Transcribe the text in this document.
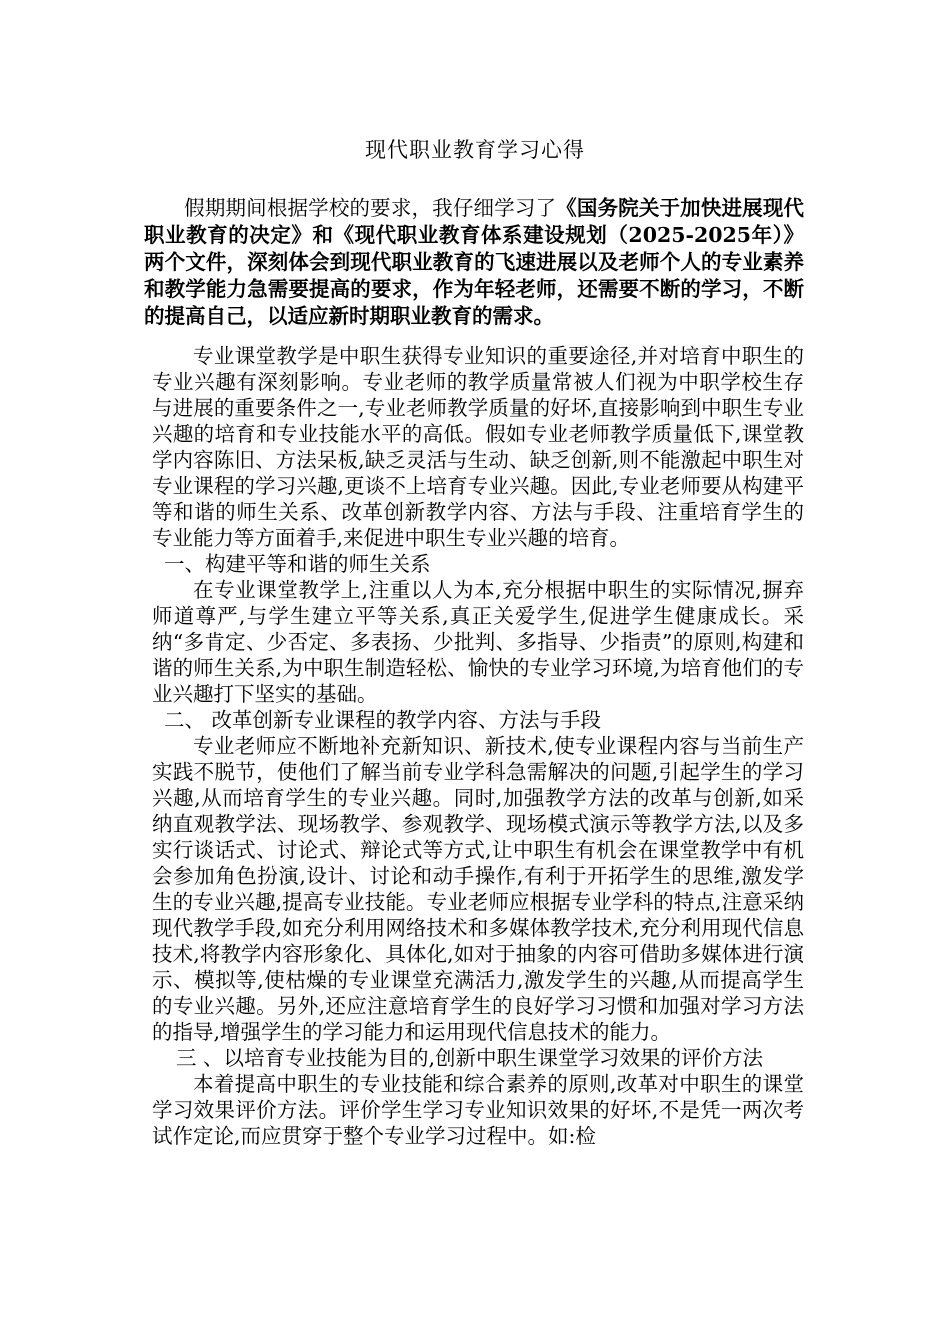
现代职业教育学习心得
假期期间根据学校的要求，我仔细学习了《国务院关于加快进展现代职业教育的决定》和《现代职业教育体系建设规划（2025-2025年）》两个文件，深刻体会到现代职业教育的飞速进展以及老师个人的专业素养和教学能力急需要提高的要求，作为年轻老师，还需要不断的学习，不断的提高自己，以适应新时期职业教育的需求。

专业课堂教学是中职生获得专业知识的重要途径,并对培育中职生的专业兴趣有深刻影响。专业老师的教学质量常被人们视为中职学校生存与进展的重要条件之一,专业老师教学质量的好坏,直接影响到中职生专业兴趣的培育和专业技能水平的高低。假如专业老师教学质量低下,课堂教学内容陈旧、方法呆板,缺乏灵活与生动、缺乏创新,则不能激起中职生对专业课程的学习兴趣,更谈不上培育专业兴趣。因此,专业老师要从构建平等和谐的师生关系、改革创新教学内容、方法与手段、注重培育学生的专业能力等方面着手,来促进中职生专业兴趣的培育。

一、构建平等和谐的师生关系

在专业课堂教学上,注重以人为本,充分根据中职生的实际情况,摒弃师道尊严,与学生建立平等关系,真正关爱学生,促进学生健康成长。采纳“多肯定、少否定、多表扬、少批判、多指导、少指责”的原则,构建和谐的师生关系,为中职生制造轻松、愉快的专业学习环境,为培育他们的专业兴趣打下坚实的基础。

二、 改革创新专业课程的教学内容、方法与手段

专业老师应不断地补充新知识、新技术,使专业课程内容与当前生产实践不脱节，使他们了解当前专业学科急需解决的问题,引起学生的学习兴趣,从而培育学生的专业兴趣。同时,加强教学方法的改革与创新,如采纳直观教学法、现场教学、参观教学、现场模式演示等教学方法,以及多实行谈话式、讨论式、辩论式等方式,让中职生有机会在课堂教学中有机会参加角色扮演,设计、讨论和动手操作,有利于开拓学生的思维,激发学生的专业兴趣,提高专业技能。专业老师应根据专业学科的特点,注意采纳现代教学手段,如充分利用网络技术和多媒体教学技术,充分利用现代信息技术,将教学内容形象化、具体化,如对于抽象的内容可借助多媒体进行演示、模拟等,使枯燥的专业课堂充满活力,激发学生的兴趣,从而提高学生的专业兴趣。另外,还应注意培育学生的良好学习习惯和加强对学习方法的指导,增强学生的学习能力和运用现代信息技术的能力。

三 、以培育专业技能为目的,创新中职生课堂学习效果的评价方法

本着提高中职生的专业技能和综合素养的原则,改革对中职生的课堂学习效果评价方法。评价学生学习专业知识效果的好坏,不是凭一两次考试作定论,而应贯穿于整个专业学习过程中。如:检
